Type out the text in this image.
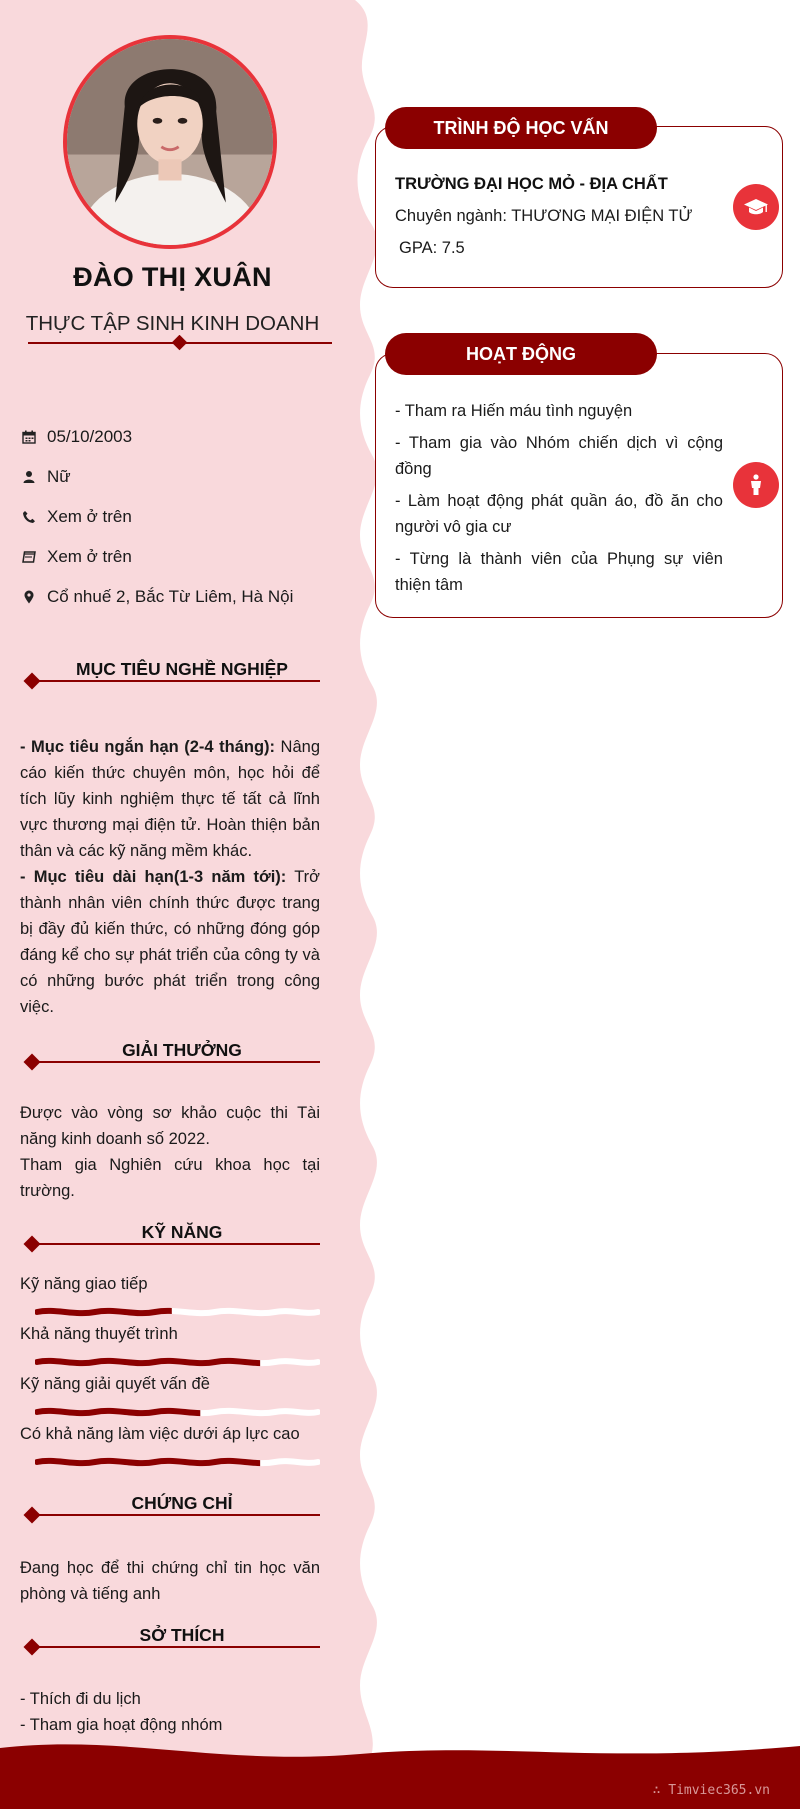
ĐÀO THỊ XUÂN
THỰC TẬP SINH KINH DOANH
05/10/2003
Nữ
Xem ở trên
Xem ở trên
Cổ nhuế 2, Bắc Từ Liêm, Hà Nội
MỤC TIÊU NGHỀ NGHIỆP

- Mục tiêu ngắn hạn (2-4 tháng): Nâng cáo kiến thức chuyên môn, học hỏi để tích lũy kinh nghiệm thực tế tất cả lĩnh vực thương mại điện tử. Hoàn thiện bản thân và các kỹ năng mềm khác.

- Mục tiêu dài hạn(1-3 năm tới): Trở thành nhân viên chính thức được trang bị đầy đủ kiến thức, có những đóng góp đáng kể cho sự phát triển của công ty và có những bước phát triển trong công việc.

GIẢI THƯỞNG

Được vào vòng sơ khảo cuộc thi Tài năng kinh doanh số 2022.

Tham gia Nghiên cứu khoa học tại trường.

KỸ NĂNG
Kỹ năng giao tiếp
Khả năng thuyết trình
Kỹ năng giải quyết vấn đề
Có khả năng làm việc dưới áp lực cao
CHỨNG CHỈ
Đang học để thi chứng chỉ tin học văn phòng và tiếng anh
SỞ THÍCH

- Thích đi du lịch

- Tham gia hoạt động nhóm

TRÌNH ĐỘ HỌC VẤN
TRƯỜNG ĐẠI HỌC MỎ - ĐỊA CHẤT
Chuyên ngành: THƯƠNG MẠI ĐIỆN TỬ
GPA: 7.5
HOẠT ĐỘNG
- Tham ra Hiến máu tình nguyện
- Tham gia vào Nhóm chiến dịch vì cộng đồng
- Làm hoạt động phát quần áo, đồ ăn cho người vô gia cư
- Từng là thành viên của Phụng sự viên thiện tâm
∴ Timviec365.vn
